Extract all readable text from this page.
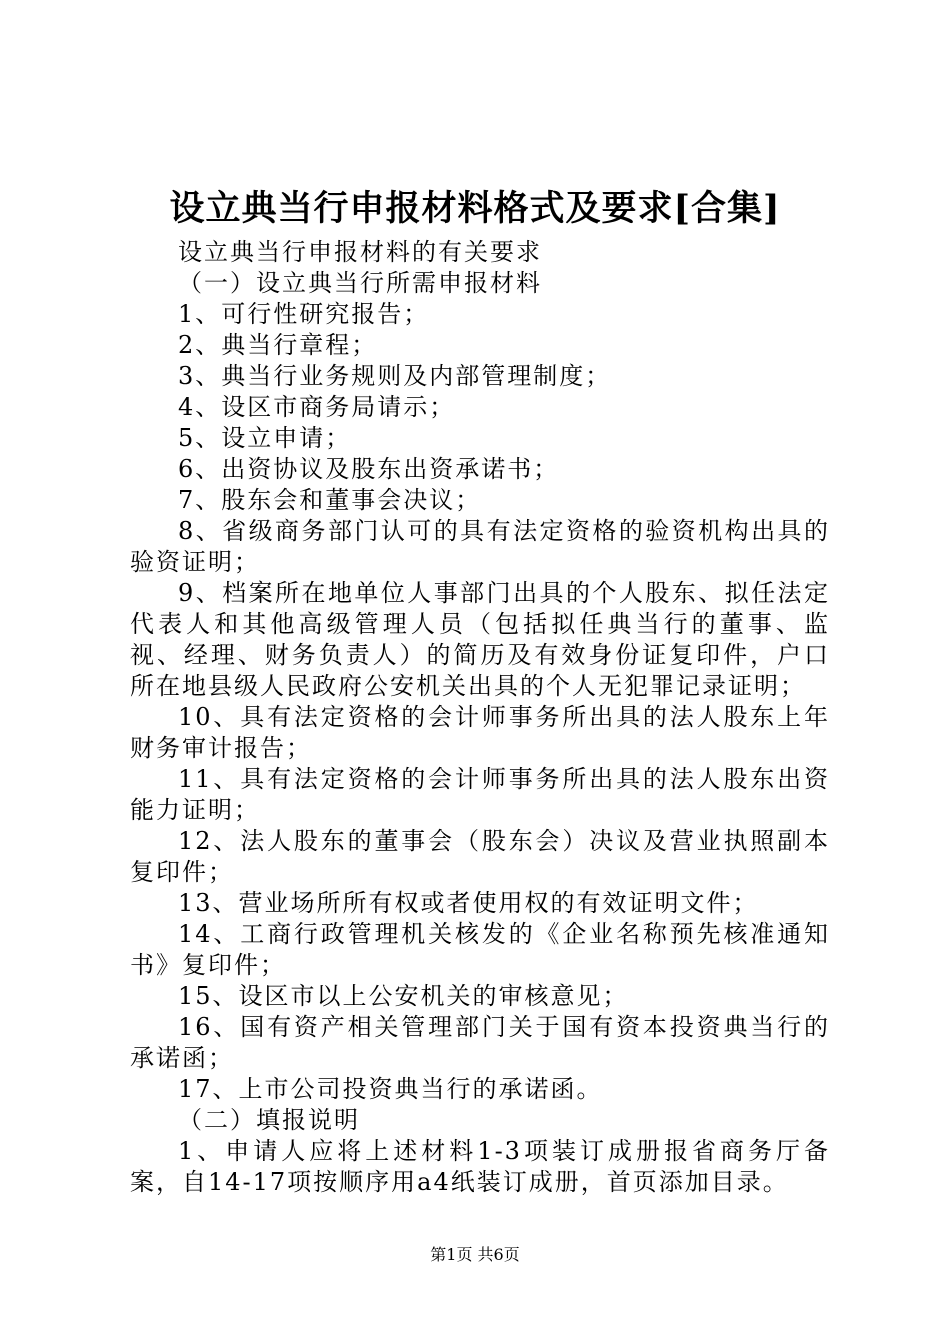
设立典当行申报材料格式及要求[合集]

设立典当行申报材料的有关要求

（一）设立典当行所需申报材料

1、可行性研究报告；

2、典当行章程；

3、典当行业务规则及内部管理制度；

4、设区市商务局请示；

5、设立申请；

6、出资协议及股东出资承诺书；

7、股东会和董事会决议；

8、省级商务部门认可的具有法定资格的验资机构出具的验资证明；

9、档案所在地单位人事部门出具的个人股东、拟任法定代表人和其他高级管理人员（包括拟任典当行的董事、监视、经理、财务负责人）的简历及有效身份证复印件，户口所在地县级人民政府公安机关出具的个人无犯罪记录证明；

10、具有法定资格的会计师事务所出具的法人股东上年财务审计报告；

11、具有法定资格的会计师事务所出具的法人股东出资能力证明；

12、法人股东的董事会（股东会）决议及营业执照副本复印件；

13、营业场所所有权或者使用权的有效证明文件；

14、工商行政管理机关核发的《企业名称预先核准通知书》复印件；

15、设区市以上公安机关的审核意见；

16、国有资产相关管理部门关于国有资本投资典当行的承诺函；

17、上市公司投资典当行的承诺函。

（二）填报说明

1、申请人应将上述材料1-3项装订成册报省商务厅备案，自14-17项按顺序用a4纸装订成册，首页添加目录。

第1页 共6页
